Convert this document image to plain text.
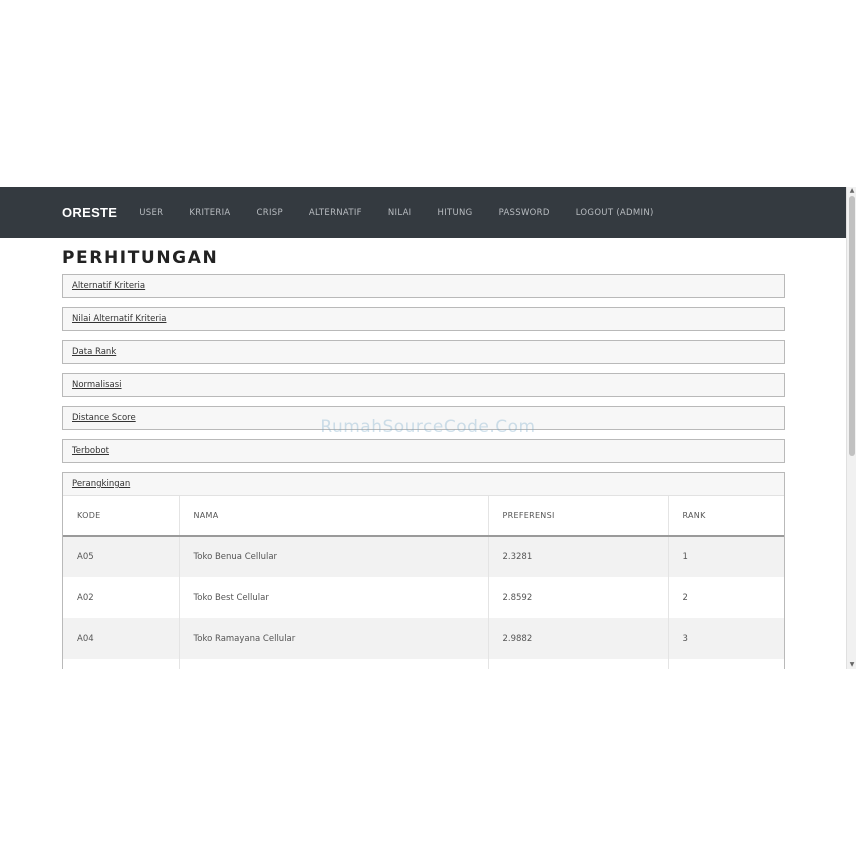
ORESTE	USER	KRITERIA	CRISP	ALTERNATIF	NILAI	HITUNG	PASSWORD	LOGOUT (ADMIN)
PERHITUNGAN
Alternatif Kriteria
Nilai Alternatif Kriteria
Data Rank
Normalisasi
Distance Score
Terbobot
Perangkingan
KODE	NAMA	PREFERENSI	RANK
A05	Toko Benua Cellular	2.3281	1
A02	Toko Best Cellular	2.8592	2
A04	Toko Ramayana Cellular	2.9882	3

▲
▼
RumahSourceCode.Com
